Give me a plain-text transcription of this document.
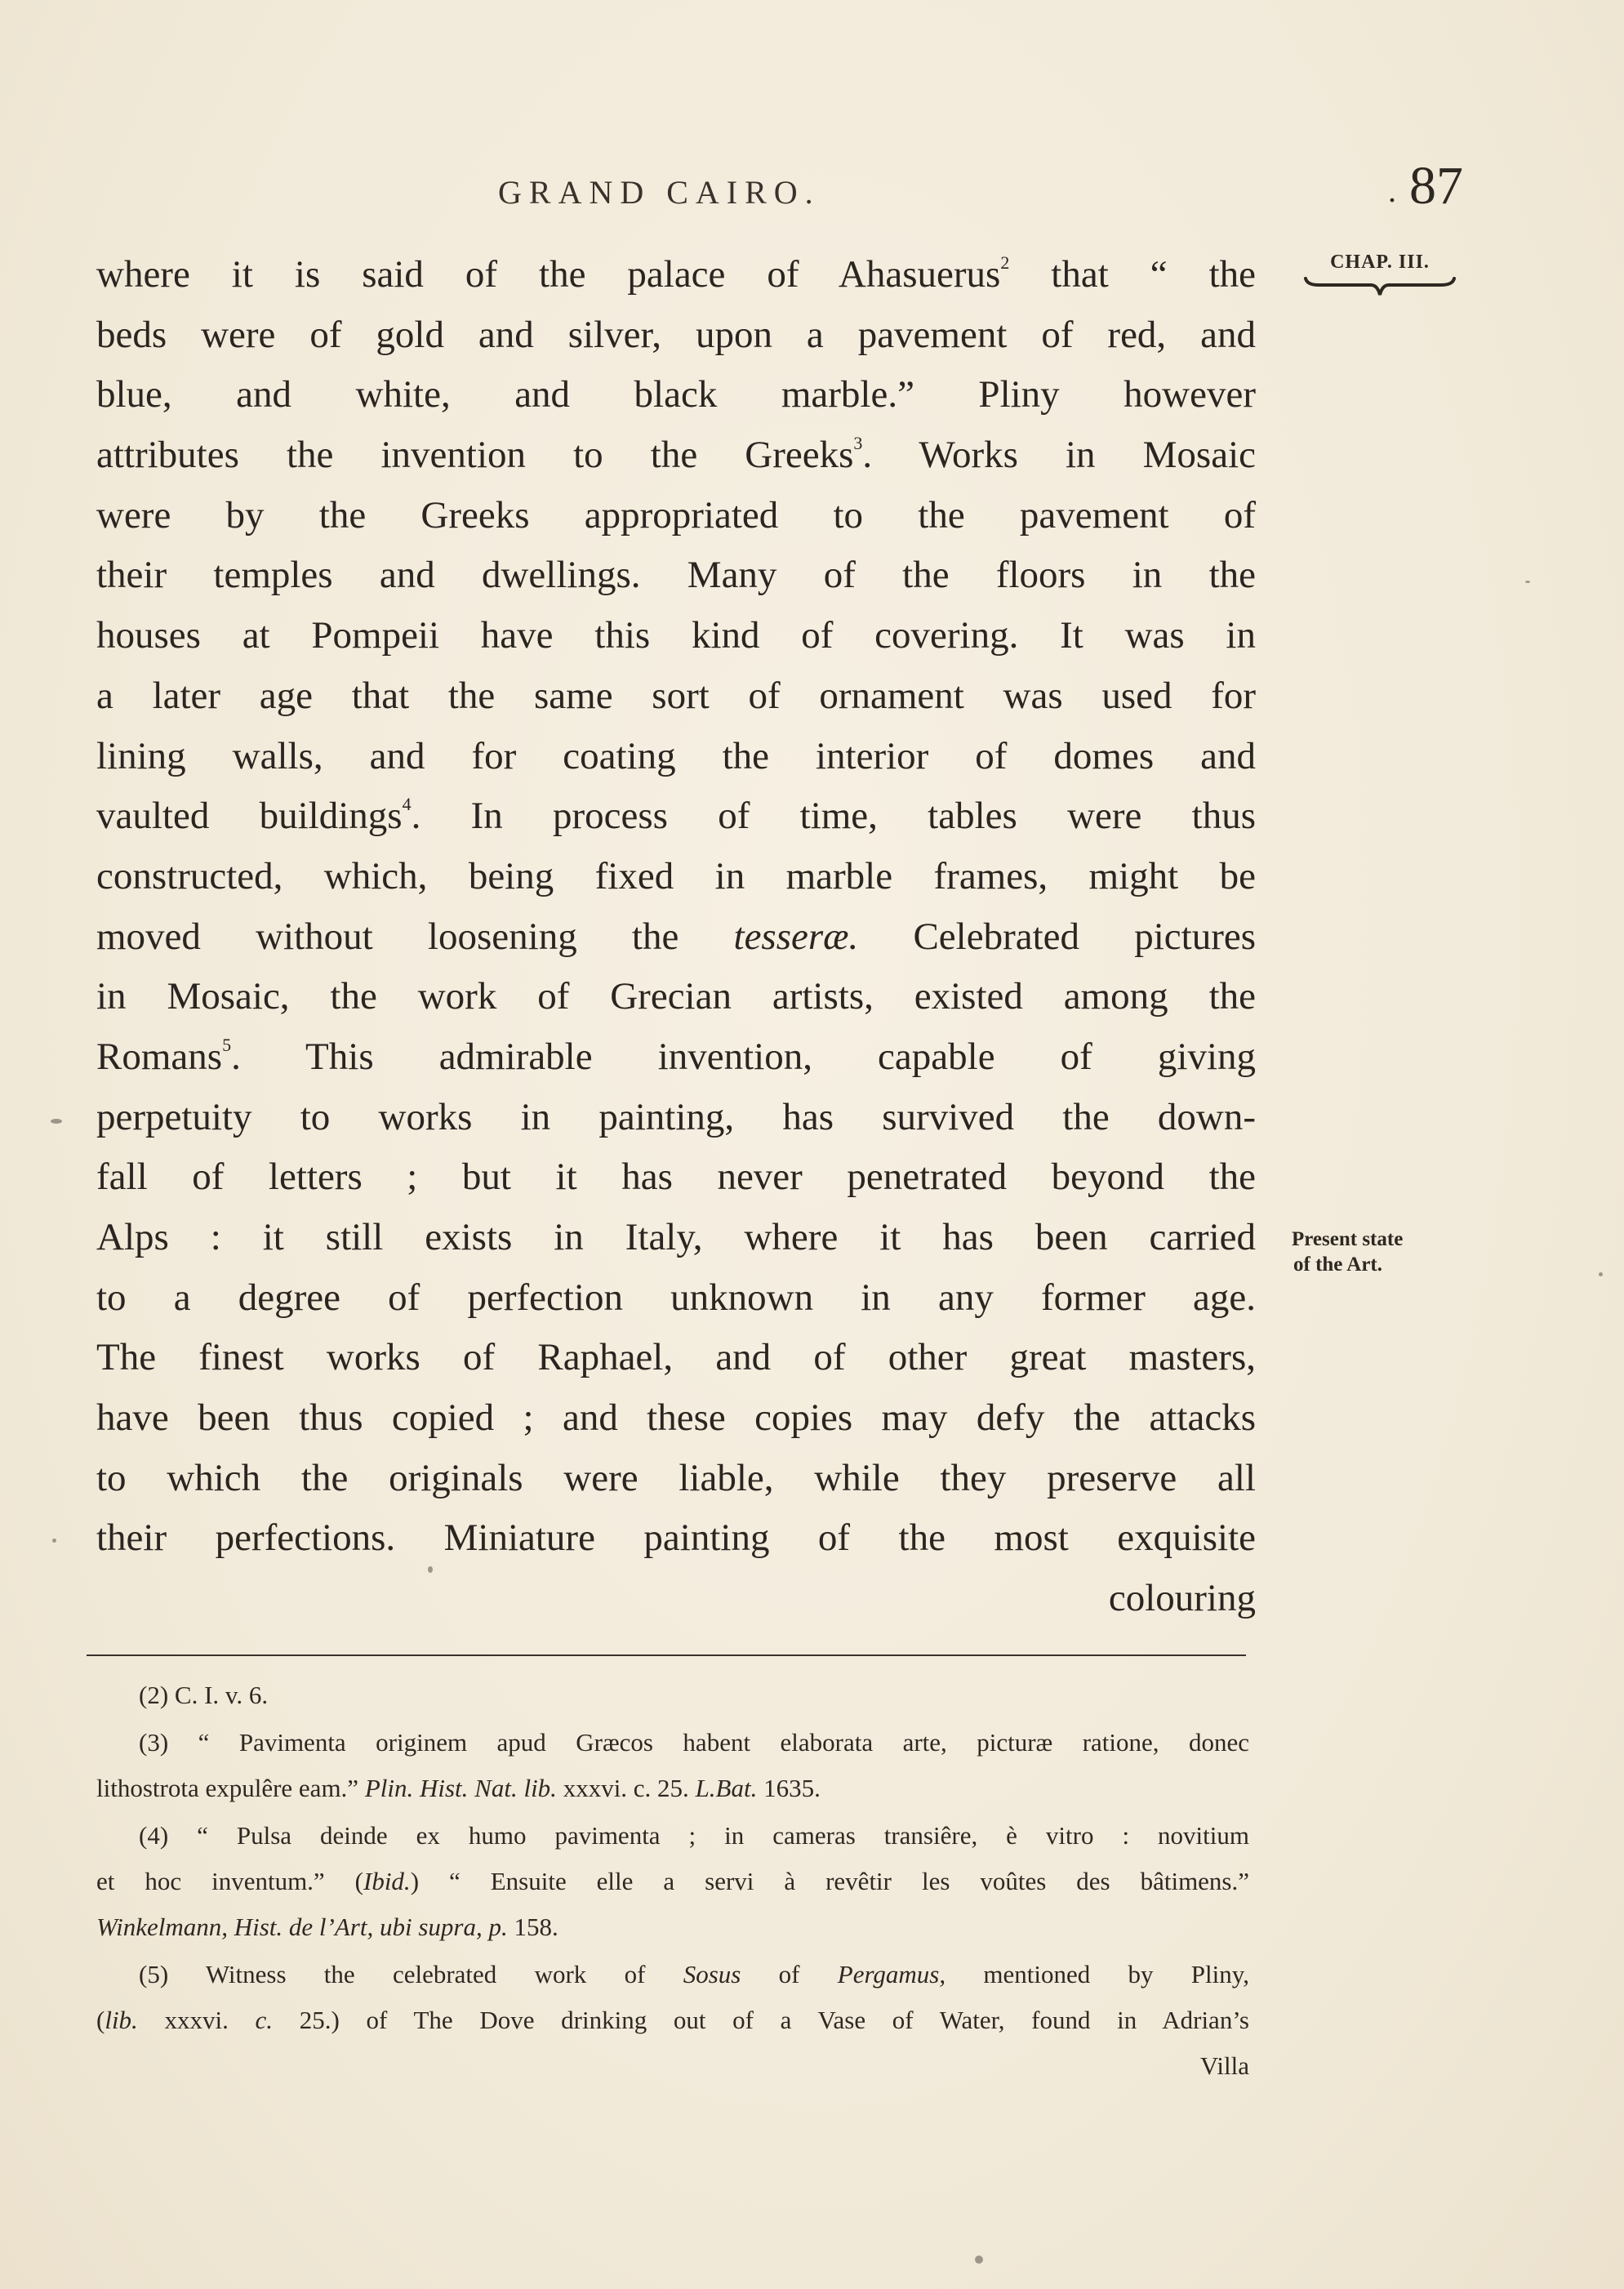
GRAND CAIRO.	. 87
CHAP. III.
where it is said of the palace of Ahasuerus$^2$ that “ the
beds were of gold and silver, upon a pavement of red, and
blue, and white, and black marble.” Pliny however
attributes the invention to the Greeks$^3$. Works in Mosaic
were by the Greeks appropriated to the pavement of
their temples and dwellings. Many of the floors in the
houses at Pompeii have this kind of covering. It was in
a later age that the same sort of ornament was used for
lining walls, and for coating the interior of domes and
vaulted buildings$^4$. In process of time, tables were thus
constructed, which, being fixed in marble frames, might be
moved without loosening the tesseræ. Celebrated pictures
in Mosaic, the work of Grecian artists, existed among the
Romans$^5$. This admirable invention, capable of giving
perpetuity to works in painting, has survived the down-
fall of letters ; but it has never penetrated beyond the
Alps : it still exists in Italy, where it has been carried
to a degree of perfection unknown in any former age.
The finest works of Raphael, and of other great masters,
have been thus copied ; and these copies may defy the attacks
to which the originals were liable, while they preserve all
their perfections. Miniature painting of the most exquisite
colouring
Present state
of the Art.
(2) C. I. v. 6.
(3) “ Pavimenta originem apud Græcos habent elaborata arte, picturæ ratione, donec
lithostrota expulêre eam.” Plin. Hist. Nat. lib. xxxvi. c. 25. L.Bat. 1635.
(4) “ Pulsa deinde ex humo pavimenta ; in cameras transiêre, è vitro : novitium
et hoc inventum.” (Ibid.) “ Ensuite elle a servi à revêtir les voûtes des bâtimens.”
Winkelmann, Hist. de l’Art, ubi supra, p. 158.
(5) Witness the celebrated work of Sosus of Pergamus, mentioned by Pliny,
(lib. xxxvi. c. 25.) of The Dove drinking out of a Vase of Water, found in Adrian’s
Villa
